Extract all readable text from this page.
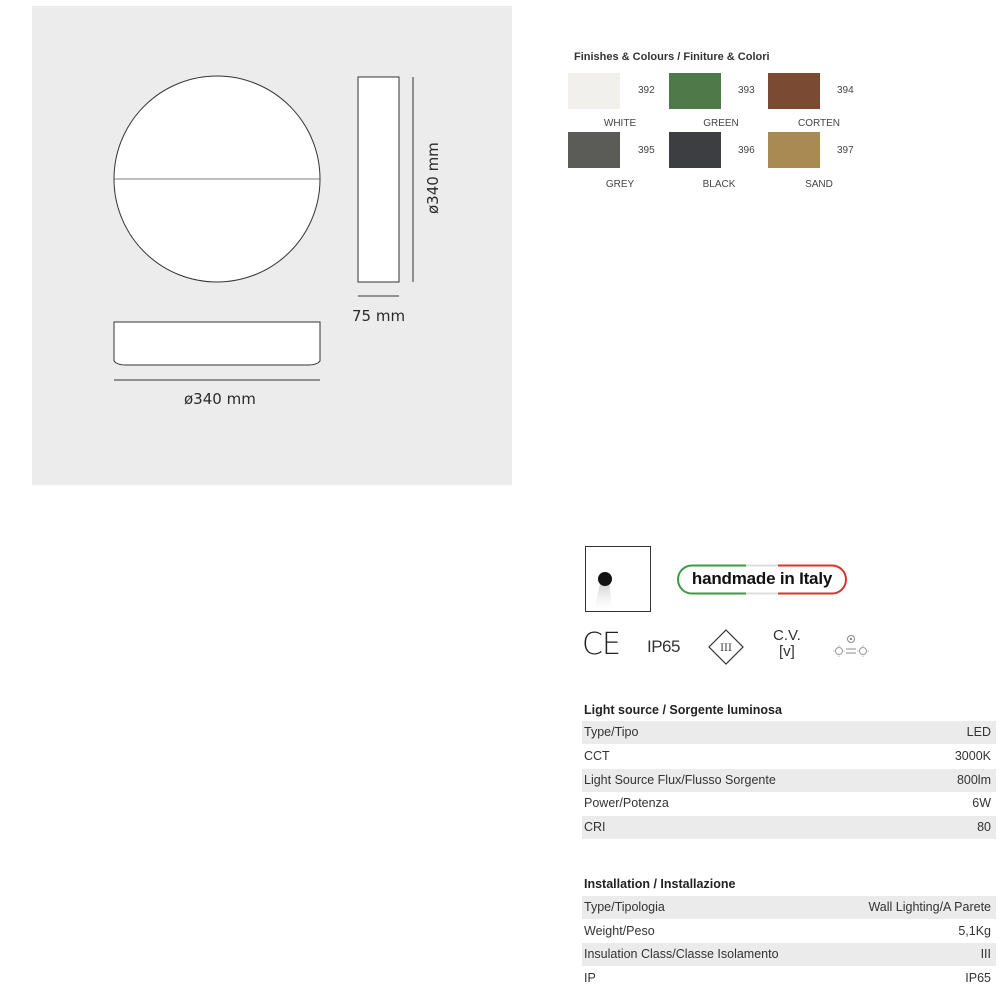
ø340 mm
75 mm
ø340 mm
Finishes & Colours / Finiture & Colori
392
WHITE
393
GREEN
394
CORTEN
395
GREY
396
BLACK
397
SAND
handmade in Italy
CE IP65	III
C.V.
[v]
Light source / Sorgente luminosa
Type/Tipo	LED
CCT	3000K
Light Source Flux/Flusso Sorgente	800lm
Power/Potenza	6W
CRI	80
Installation / Installazione
Type/Tipologia	Wall Lighting/A Parete
Weight/Peso	5,1Kg
Insulation Class/Classe Isolamento	III
IP	IP65
